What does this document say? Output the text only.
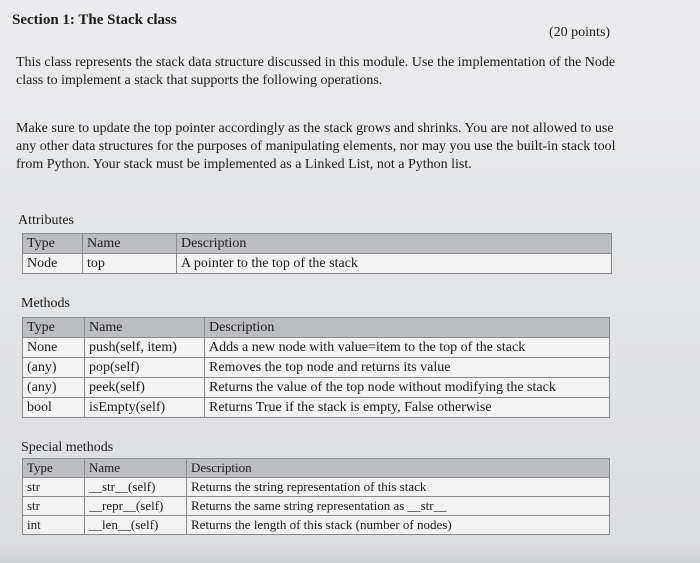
Section 1: The Stack class
(20 points)

This class represents the stack data structure discussed in this module. Use the implementation of the Node class to implement a stack that supports the following operations.

Make sure to update the top pointer accordingly as the stack grows and shrinks. You are not allowed to use any other data structures for the purposes of manipulating elements, nor may you use the built-in stack tool from Python. Your stack must be implemented as a Linked List, not a Python list.

Attributes
Type	Name	Description
Node	top	A pointer to the top of the stack
Methods
Type	Name	Description
None	push(self, item)	Adds a new node with value=item to the top of the stack
(any)	pop(self)	Removes the top node and returns its value
(any)	peek(self)	Returns the value of the top node without modifying the stack
bool	isEmpty(self)	Returns True if the stack is empty, False otherwise
Special methods
Type	Name	Description
str	__str__(self)	Returns the string representation of this stack
str	__repr__(self)	Returns the same string representation as __str__
int	__len__(self)	Returns the length of this stack (number of nodes)
